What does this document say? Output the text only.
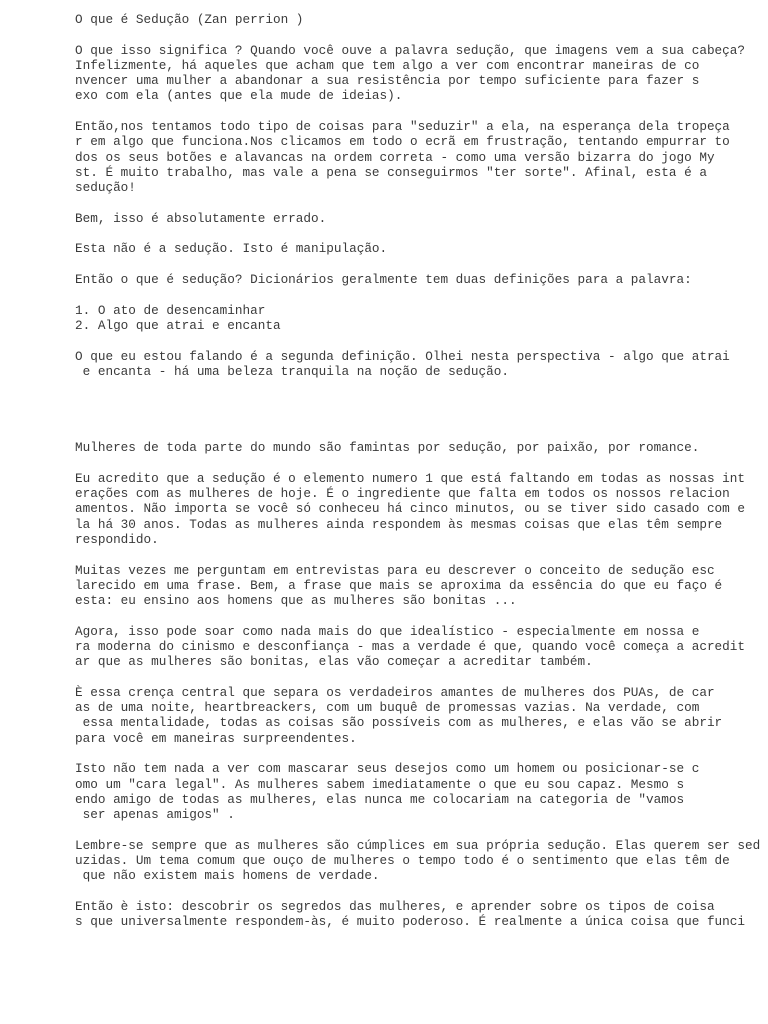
O que é Sedução (Zan perrion )
O que isso significa ? Quando você ouve a palavra sedução, que imagens vem a sua cabeça?
Infelizmente, há aqueles que acham que tem algo a ver com encontrar maneiras de co
nvencer uma mulher a abandonar a sua resistência por tempo suficiente para fazer s
exo com ela (antes que ela mude de ideias).
Então,nos tentamos todo tipo de coisas para "seduzir" a ela, na esperança dela tropeça
r em algo que funciona.Nos clicamos em todo o ecrã em frustração, tentando empurrar to
dos os seus botões e alavancas na ordem correta - como uma versão bizarra do jogo My
st. É muito trabalho, mas vale a pena se conseguirmos "ter sorte". Afinal, esta é a
sedução!
Bem, isso é absolutamente errado.
Esta não é a sedução. Isto é manipulação.
Então o que é sedução? Dicionários geralmente tem duas definições para a palavra:
1. O ato de desencaminhar
2. Algo que atrai e encanta
O que eu estou falando é a segunda definição. Olhei nesta perspectiva - algo que atrai
e encanta - há uma beleza tranquila na noção de sedução.
Mulheres de toda parte do mundo são famintas por sedução, por paixão, por romance.
Eu acredito que a sedução é o elemento numero 1 que está faltando em todas as nossas int
erações com as mulheres de hoje. É o ingrediente que falta em todos os nossos relacion
amentos. Não importa se você só conheceu há cinco minutos, ou se tiver sido casado com e
la há 30 anos. Todas as mulheres ainda respondem às mesmas coisas que elas têm sempre
respondido.
Muitas vezes me perguntam em entrevistas para eu descrever o conceito de sedução esc
larecido em uma frase. Bem, a frase que mais se aproxima da essência do que eu faço é
esta: eu ensino aos homens que as mulheres são bonitas ...
Agora, isso pode soar como nada mais do que idealístico - especialmente em nossa e
ra moderna do cinismo e desconfiança - mas a verdade é que, quando você começa a acredit
ar que as mulheres são bonitas, elas vão começar a acreditar também.
È essa crença central que separa os verdadeiros amantes de mulheres dos PUAs, de car
as de uma noite, heartbreackers, com um buquê de promessas vazias. Na verdade, com
essa mentalidade, todas as coisas são possíveis com as mulheres, e elas vão se abrir
para você em maneiras surpreendentes.
Isto não tem nada a ver com mascarar seus desejos como um homem ou posicionar-se c
omo um "cara legal". As mulheres sabem imediatamente o que eu sou capaz. Mesmo s
endo amigo de todas as mulheres, elas nunca me colocariam na categoria de "vamos
ser apenas amigos" .
Lembre-se sempre que as mulheres são cúmplices em sua própria sedução. Elas querem ser sed
uzidas. Um tema comum que ouço de mulheres o tempo todo é o sentimento que elas têm de
que não existem mais homens de verdade.
Então è isto: descobrir os segredos das mulheres, e aprender sobre os tipos de coisa
s que universalmente respondem-às, é muito poderoso. É realmente a única coisa que funci
